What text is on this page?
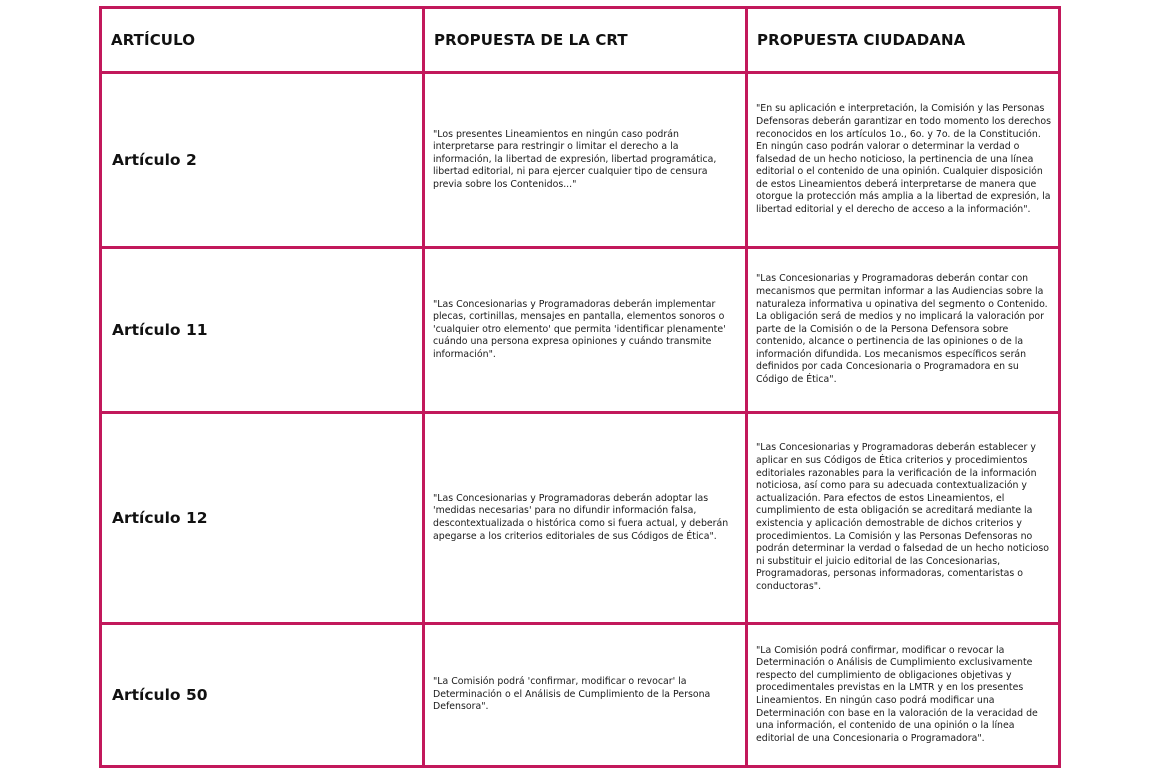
ARTÍCULO	PROPUESTA DE LA CRT	PROPUESTA CIUDADANA
Artículo 2
"Los presentes Lineamientos en ningún caso podrán interpretarse para restringir o limitar el derecho a la información, la libertad de expresión, libertad programática, libertad editorial, ni para ejercer cualquier tipo de censura previa sobre los Contenidos..."
"En su aplicación e interpretación, la Comisión y las Personas Defensoras deberán garantizar en todo momento los derechos reconocidos en los artículos 1o., 6o. y 7o. de la Constitución. En ningún caso podrán valorar o determinar la verdad o falsedad de un hecho noticioso, la pertinencia de una línea editorial o el contenido de una opinión. Cualquier disposición de estos Lineamientos deberá interpretarse de manera que otorgue la protección más amplia a la libertad de expresión, la libertad editorial y el derecho de acceso a la información".
Artículo 11
"Las Concesionarias y Programadoras deberán implementar plecas, cortinillas, mensajes en pantalla, elementos sonoros o 'cualquier otro elemento' que permita 'identificar plenamente' cuándo una persona expresa opiniones y cuándo transmite información".
"Las Concesionarias y Programadoras deberán contar con mecanismos que permitan informar a las Audiencias sobre la naturaleza informativa u opinativa del segmento o Contenido. La obligación será de medios y no implicará la valoración por parte de la Comisión o de la Persona Defensora sobre contenido, alcance o pertinencia de las opiniones o de la información difundida. Los mecanismos específicos serán definidos por cada Concesionaria o Programadora en su Código de Ética".
Artículo 12
"Las Concesionarias y Programadoras deberán adoptar las 'medidas necesarias' para no difundir información falsa, descontextualizada o histórica como si fuera actual, y deberán apegarse a los criterios editoriales de sus Códigos de Ética".
"Las Concesionarias y Programadoras deberán establecer y aplicar en sus Códigos de Ética criterios y procedimientos editoriales razonables para la verificación de la información noticiosa, así como para su adecuada contextualización y actualización. Para efectos de estos Lineamientos, el cumplimiento de esta obligación se acreditará mediante la existencia y aplicación demostrable de dichos criterios y procedimientos. La Comisión y las Personas Defensoras no podrán determinar la verdad o falsedad de un hecho noticioso ni substituir el juicio editorial de las Concesionarias, Programadoras, personas informadoras, comentaristas o conductoras".
Artículo 50
"La Comisión podrá 'confirmar, modificar o revocar' la Determinación o el Análisis de Cumplimiento de la Persona Defensora".
"La Comisión podrá confirmar, modificar o revocar la Determinación o Análisis de Cumplimiento exclusivamente respecto del cumplimiento de obligaciones objetivas y procedimentales previstas en la LMTR y en los presentes Lineamientos. En ningún caso podrá modificar una Determinación con base en la valoración de la veracidad de una información, el contenido de una opinión o la línea editorial de una Concesionaria o Programadora".
